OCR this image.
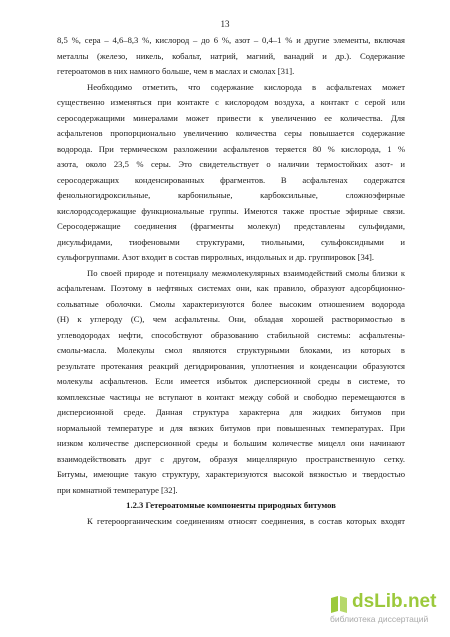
13
8,5 %, сера – 4,6–8,3 %, кислород – до 6 %, азот – 0,4–1 % и другие элементы, включая
металлы (железо, никель, кобальт, натрий, магний, ванадий и др.). Содержание
гетероатомов в них намного больше, чем в маслах и смолах [31].
Необходимо отметить, что содержание кислорода в асфальтенах может
существенно изменяться при контакте с кислородом воздуха, а контакт с серой или
серосодержащими минералами может привести к увеличению ее количества. Для
асфальтенов пропорционально увеличению количества серы повышается содержание
водорода. При термическом разложении асфальтенов теряется 80 % кислорода, 1 %
азота, около 23,5 % серы. Это свидетельствует о наличии термостойких азот- и
серосодержащих конденсированных фрагментов. В асфальтенах содержатся
фенольногидроксильные, карбонильные, карбоксильные, сложноэфирные
кислородсодержащие функциональные группы. Имеются также простые эфирные связи.
Серосодержащие соединения (фрагменты молекул) представлены сульфидами,
дисульфидами, тиофеновыми структурами, тиольными, сульфоксидными и
сульфогруппами. Азот входит в состав пирролных, индольных и др. группировок [34].
По своей природе и потенциалу межмолекулярных взаимодействий смолы близки к
асфальтенам. Поэтому в нефтяных системах они, как правило, образуют адсорбционно-
сольватные оболочки. Смолы характеризуются более высоким отношением водорода
(Н) к углероду (С), чем асфальтены. Они, обладая хорошей растворимостью в
углеводородах нефти, способствуют образованию стабильной системы: асфальтены-
смолы-масла. Молекулы смол являются структурными блоками, из которых в
результате протекания реакций дегидрирования, уплотнения и конденсации образуются
молекулы асфальтенов. Если имеется избыток дисперсионной среды в системе, то
комплексные частицы не вступают в контакт между собой и свободно перемещаются в
дисперсионной среде. Данная структура характерна для жидких битумов при
нормальной температуре и для вязких битумов при повышенных температурах. При
низком количестве дисперсионной среды и большим количестве мицелл они начинают
взаимодействовать друг с другом, образуя мицеллярную пространственную сетку.
Битумы, имеющие такую структуру, характеризуются высокой вязкостью и твердостью
при комнатной температуре [32].
1.2.3 Гетероатомные компоненты природных битумов
К гетероорганическим соединениям относят соединения, в состав которых входят
dsLib.net
библиотека диссертаций
